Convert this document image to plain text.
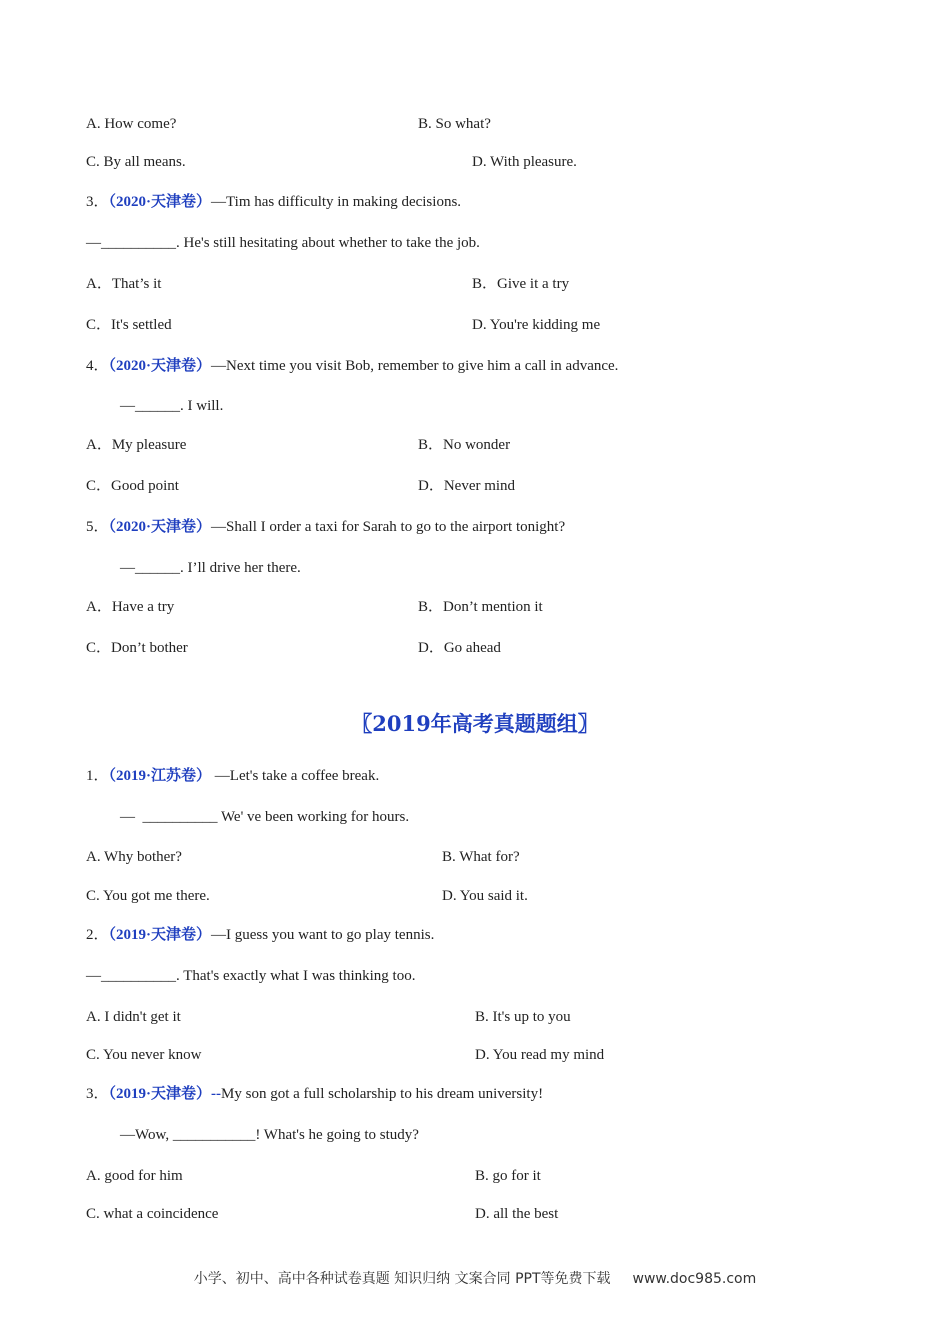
A. How come?	B. So what?
C. By all means.	D. With pleasure.
3．（2020·天津卷）—Tim has difficulty in making decisions.
—__________. He's still hesitating about whether to take the job.
A．That’s it	B．Give it a try
C．It's settled	D. You're kidding me
4．（2020·天津卷）—Next time you visit Bob, remember to give him a call in advance.
—______. I will.
A．My pleasure	B．No wonder
C．Good point	D．Never mind
5．（2020·天津卷）—Shall I order a taxi for Sarah to go to the airport tonight?
—______. I’ll drive her there.
A．Have a try	B．Don’t mention it
C．Don’t bother	D．Go ahead
〖2019年高考真题题组〗
1．（2019·江苏卷） —Let's take a coffee break.
—  __________ We' ve been working for hours.
A. Why bother?	B. What for?
C. You got me there.	D. You said it.
2．（2019·天津卷）—I guess you want to go play tennis.
—__________. That's exactly what I was thinking too.
A. I didn't get it	B. It's up to you
C. You never know	D. You read my mind
3．（2019·天津卷）--My son got a full scholarship to his dream university!
—Wow, ___________! What's he going to study?
A. good for him	B. go for it
C. what a coincidence	D. all the best
小学、初中、高中各种试卷真题 知识归纳 文案合同 PPT等免费下载 www.doc985.com
